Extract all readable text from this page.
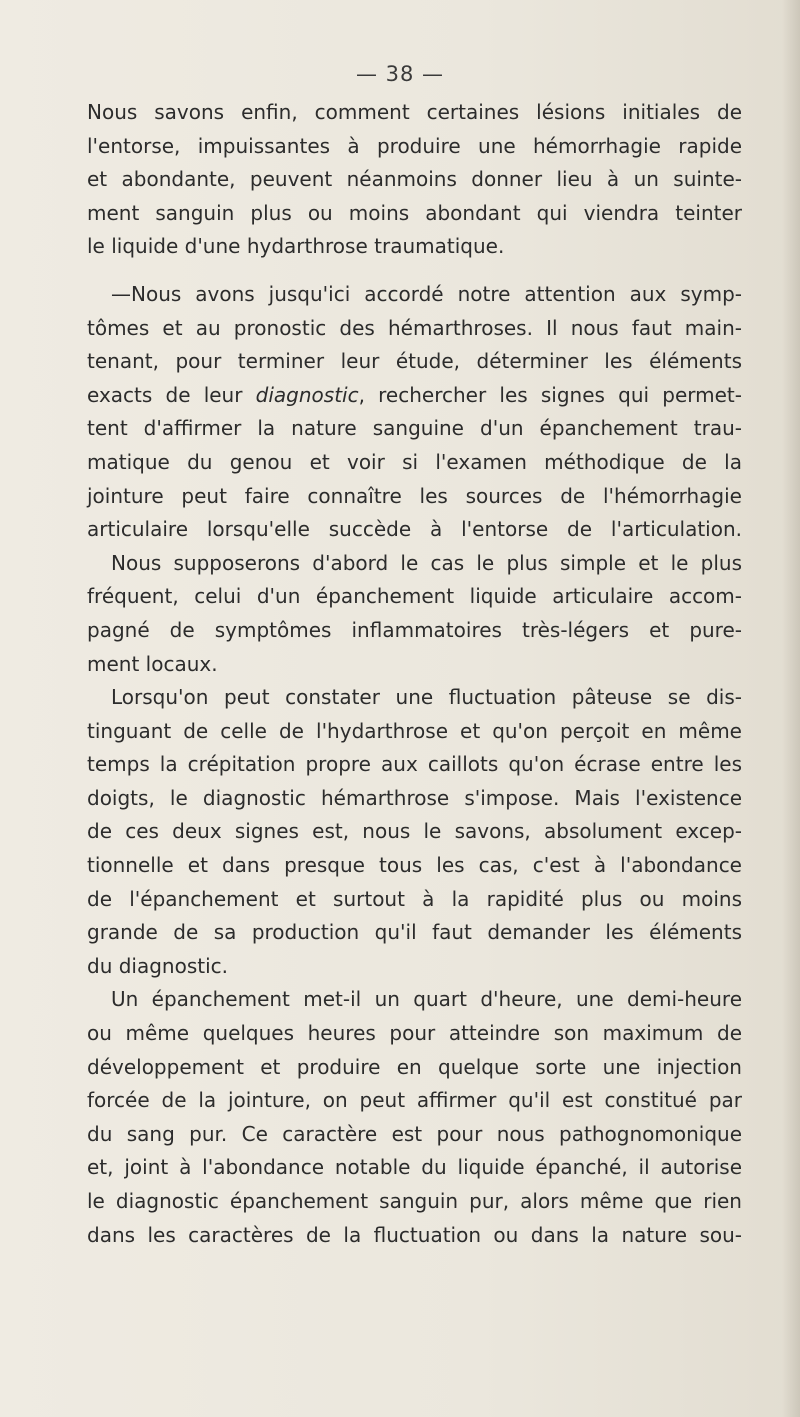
— 38 —
Nous savons enfin, comment certaines lésions initiales de
l'entorse, impuissantes à produire une hémorrhagie rapide
et abondante, peuvent néanmoins donner lieu à un suinte-
ment sanguin plus ou moins abondant qui viendra teinter
le liquide d'une hydarthrose traumatique.
—Nous avons jusqu'ici accordé notre attention aux symp-
tômes et au pronostic des hémarthroses. Il nous faut main-
tenant, pour terminer leur étude, déterminer les éléments
exacts de leur diagnostic, rechercher les signes qui permet-
tent d'affirmer la nature sanguine d'un épanchement trau-
matique du genou et voir si l'examen méthodique de la
jointure peut faire connaître les sources de l'hémorrhagie
articulaire lorsqu'elle succède à l'entorse de l'articulation.
Nous supposerons d'abord le cas le plus simple et le plus
fréquent, celui d'un épanchement liquide articulaire accom-
pagné de symptômes inflammatoires très-légers et pure-
ment locaux.
Lorsqu'on peut constater une fluctuation pâteuse se dis-
tinguant de celle de l'hydarthrose et qu'on perçoit en même
temps la crépitation propre aux caillots qu'on écrase entre les
doigts, le diagnostic hémarthrose s'impose. Mais l'existence
de ces deux signes est, nous le savons, absolument excep-
tionnelle et dans presque tous les cas, c'est à l'abondance
de l'épanchement et surtout à la rapidité plus ou moins
grande de sa production qu'il faut demander les éléments
du diagnostic.
Un épanchement met-il un quart d'heure, une demi-heure
ou même quelques heures pour atteindre son maximum de
développement et produire en quelque sorte une injection
forcée de la jointure, on peut affirmer qu'il est constitué par
du sang pur. Ce caractère est pour nous pathognomonique
et, joint à l'abondance notable du liquide épanché, il autorise
le diagnostic épanchement sanguin pur, alors même que rien
dans les caractères de la fluctuation ou dans la nature sou-
